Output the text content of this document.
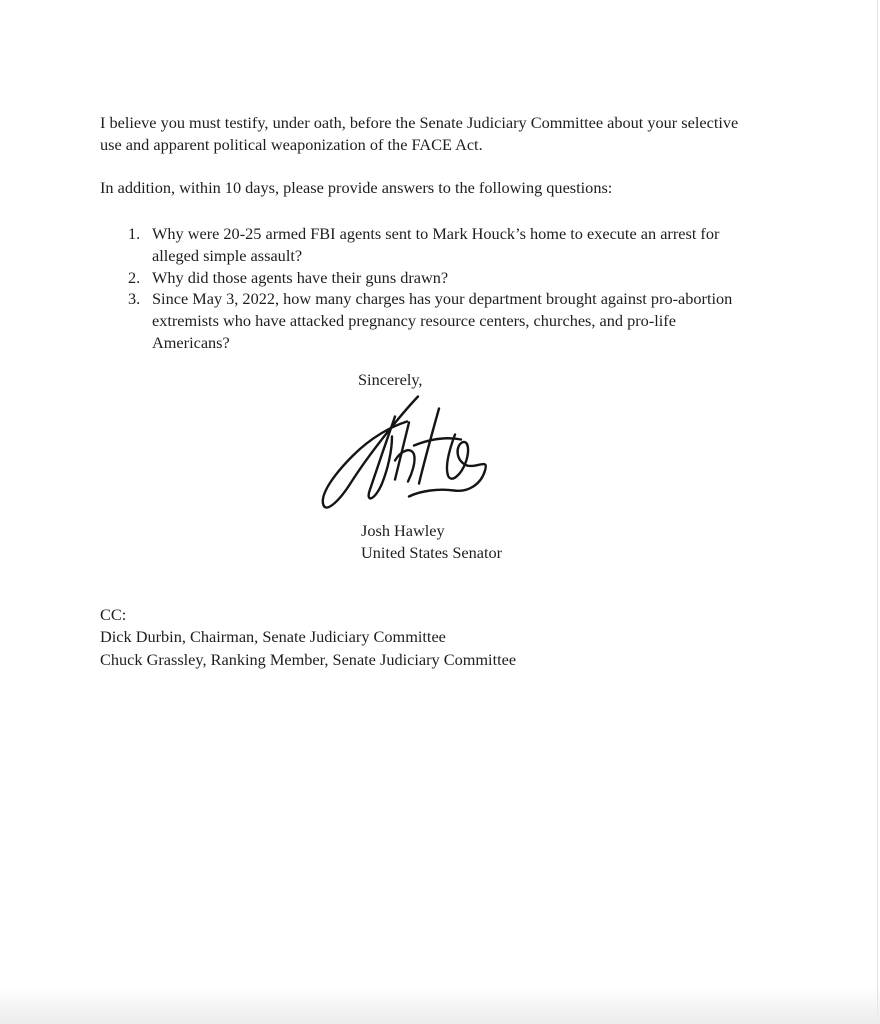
I believe you must testify, under oath, before the Senate Judiciary Committee about your selective
use and apparent political weaponization of the FACE Act.

In addition, within 10 days, please provide answers to the following questions:

1. Why were 20-25 armed FBI agents sent to Mark Houck’s home to execute an arrest for
alleged simple assault?
2. Why did those agents have their guns drawn?
3. Since May 3, 2022, how many charges has your department brought against pro-abortion
extremists who have attacked pregnancy resource centers, churches, and pro-life
Americans?

Sincerely,

Josh Hawley

United States Senator

CC:
Dick Durbin, Chairman, Senate Judiciary Committee
Chuck Grassley, Ranking Member, Senate Judiciary Committee
